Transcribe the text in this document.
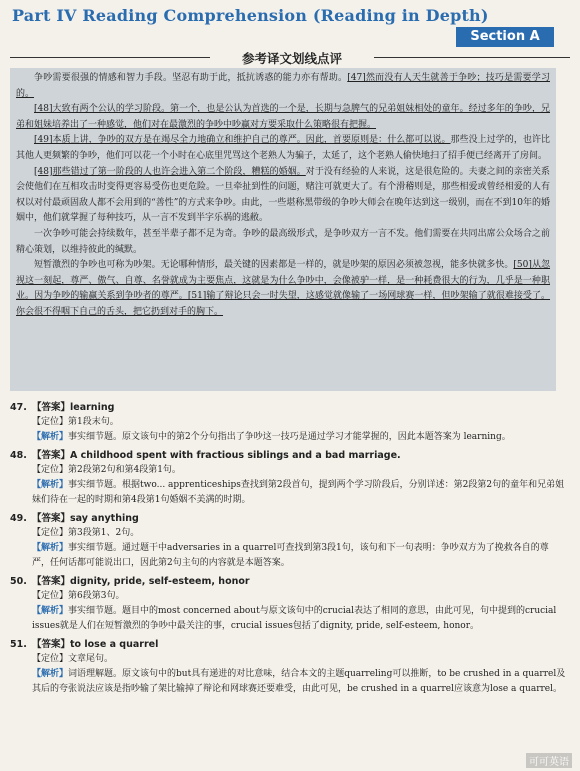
Part IV Reading Comprehension (Reading in Depth)
Section A
参考译文划线点评

争吵需要很强的情感和智力手段。坚忍有助于此，抵抗诱惑的能力亦有帮助。[47]然而没有人天生就善于争吵；技巧是需要学习的。

[48]大致有两个公认的学习阶段。第一个，也是公认为首选的一个是，长期与急脾气的兄弟姐妹相处的童年。经过多年的争吵，兄弟和姐妹培养出了一种感觉，他们对在最激烈的争吵中吵赢对方要采取什么策略很有把握。

[49]本质上讲，争吵的双方是在竭尽全力地确立和维护自己的尊严。因此，首要原则是：什么都可以说。那些没上过学的，也许比其他人更频繁的争吵，他们可以花一个小时在心底里咒骂这个老熟人为骗子，太延了，这个老熟人偷快地扫了招手便已经离开了房间。

[48]那些错过了第一阶段的人也许会进入第二个阶段，糟糕的婚姻。对于没有经验的人来说，这是很危险的。夫妻之间的亲密关系会使他们在互相攻击时变得更容易受伤也更危险。一旦牵扯到性的问题，赌注可就更大了。有个滑稽则是，那些相爱或曾经相爱的人有权以对付最顽固敌人都不会用到的“善性”的方式来争吵。由此，一些堪称黑带级的争吵大师会在晚年达到这一级别，而在不到10年的婚姻中，他们就掌握了每种技巧，从一言不发到半字乐祸的逃敝。

一次争吵可能会持续数年，甚至半辈子都不足为奇。争吵的最高级形式，是争吵双方一言不发。他们需要在共同出席公众场合之前精心策划，以维持彼此的缄默。

短暂激烈的争吵也可称为吵架。无论哪种情形，最关键的因素都是一样的，就是吵架的原因必须被忽视，能多快就多快。[50]从忽视这一刻起，尊严、傲气、自尊、名誉就成为主要焦点，这就是为什么争吵中，会像被驴一样，是一种耗费很大的行为，几乎是一种职业。因为争吵的输赢关系到争吵者的尊严。[51]输了辩论只会一时失望，这感觉就像输了一场网球赛一样，但吵架输了就很难接受了。你会很不得咽下自己的舌头，把它扔到对手的胸下。

47. 【答案】learning
【定位】第1段末句。
【解析】事实细节题。原文该句中的第2个分句指出了争吵这一技巧是通过学习才能掌握的，因此本题答案为 learning。
48. 【答案】A childhood spent with fractious siblings and a bad marriage.
【定位】第2段第2句和第4段第1句。
【解析】事实细节题。根据two... apprenticeships查找到第2段首句，提到两个学习阶段后，分别详述：第2段第2句的童年和兄弟姐妹们待在一起的时期和第4段第1句婚姻不美满的时期。
49. 【答案】say anything
【定位】第3段第1、2句。
【解析】事实细节题。通过题干中adversaries in a quarrel可查找到第3段1句，该句和下一句表明：争吵双方为了挽救各自的尊严，任何话都可能说出口，因此第2句主句的内容就是本题答案。
50. 【答案】dignity, pride, self-esteem, honor
【定位】第6段第3句。
【解析】事实细节题。题目中的most concerned about与原文该句中的crucial表达了相同的意思，由此可见，句中提到的crucial issues就是人们在短暂激烈的争吵中最关注的事，crucial issues包括了dignity, pride, self-esteem, honor。
51. 【答案】to lose a quarrel
【定位】文章尾句。
【解析】词语理解题。原文该句中的but具有递进的对比意味，结合本文的主题quarreling可以推断，to be crushed in a quarrel及其后的夸张说法应该是指吵输了架比输掉了辩论和网球赛还要难受，由此可见，be crushed in a quarrel应该意为lose a quarrel。
可可英语
